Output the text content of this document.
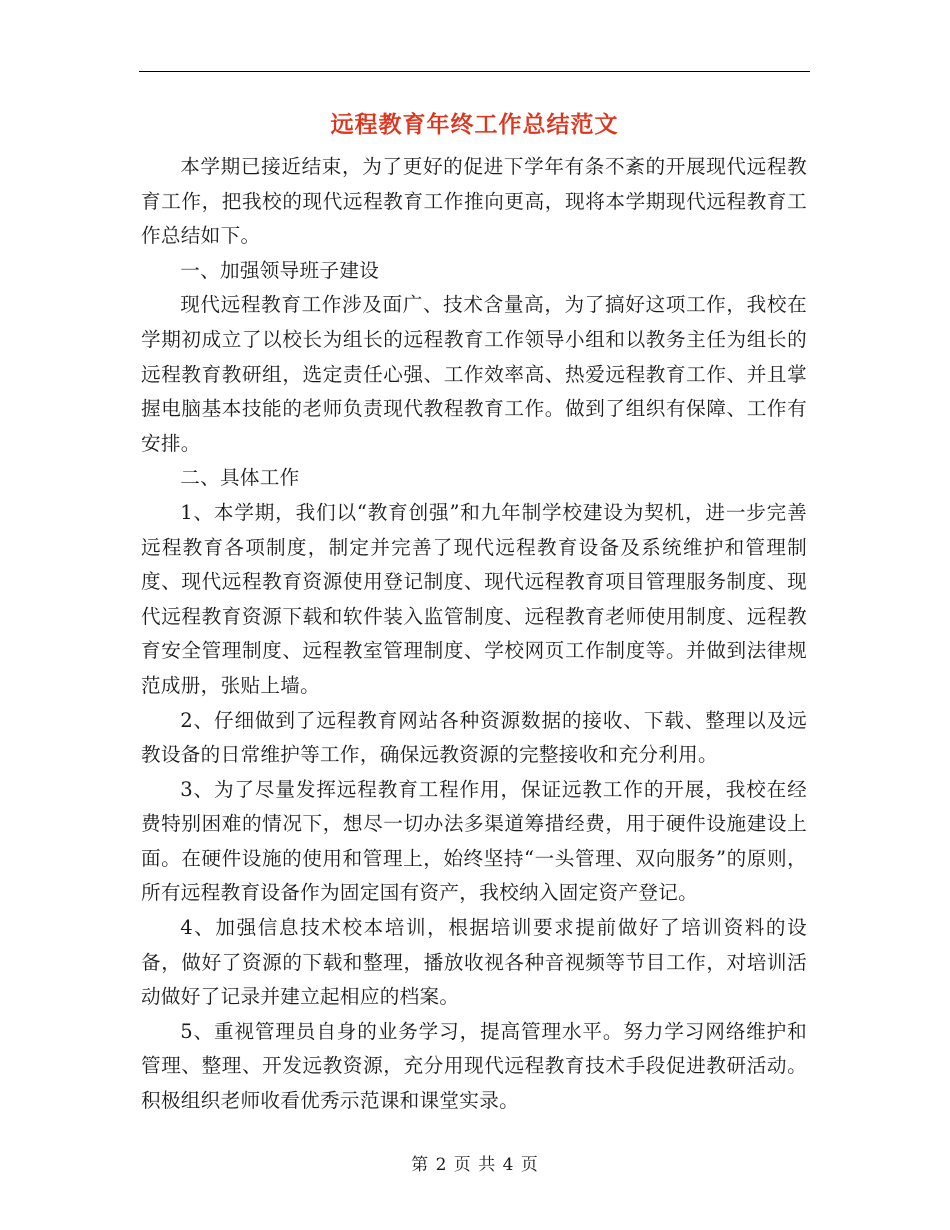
远程教育年终工作总结范文

本学期已接近结束，为了更好的促进下学年有条不紊的开展现代远程教育工作，把我校的现代远程教育工作推向更高，现将本学期现代远程教育工作总结如下。

一、加强领导班子建设

现代远程教育工作涉及面广、技术含量高，为了搞好这项工作，我校在学期初成立了以校长为组长的远程教育工作领导小组和以教务主任为组长的远程教育教研组，选定责任心强、工作效率高、热爱远程教育工作、并且掌握电脑基本技能的老师负责现代教程教育工作。做到了组织有保障、工作有安排。

二、具体工作

1、本学期，我们以“教育创强”和九年制学校建设为契机，进一步完善远程教育各项制度，制定并完善了现代远程教育设备及系统维护和管理制度、现代远程教育资源使用登记制度、现代远程教育项目管理服务制度、现代远程教育资源下载和软件装入监管制度、远程教育老师使用制度、远程教育安全管理制度、远程教室管理制度、学校网页工作制度等。并做到法律规范成册，张贴上墙。

2、仔细做到了远程教育网站各种资源数据的接收、下载、整理以及远教设备的日常维护等工作，确保远教资源的完整接收和充分利用。

3、为了尽量发挥远程教育工程作用，保证远教工作的开展，我校在经费特别困难的情况下，想尽一切办法多渠道筹措经费，用于硬件设施建设上面。在硬件设施的使用和管理上，始终坚持“一头管理、双向服务”的原则，所有远程教育设备作为固定国有资产，我校纳入固定资产登记。

4、加强信息技术校本培训，根据培训要求提前做好了培训资料的设备，做好了资源的下载和整理，播放收视各种音视频等节目工作，对培训活动做好了记录并建立起相应的档案。

5、重视管理员自身的业务学习，提高管理水平。努力学习网络维护和管理、整理、开发远教资源，充分用现代远程教育技术手段促进教研活动。积极组织老师收看优秀示范课和课堂实录。

第 2 页 共 4 页
